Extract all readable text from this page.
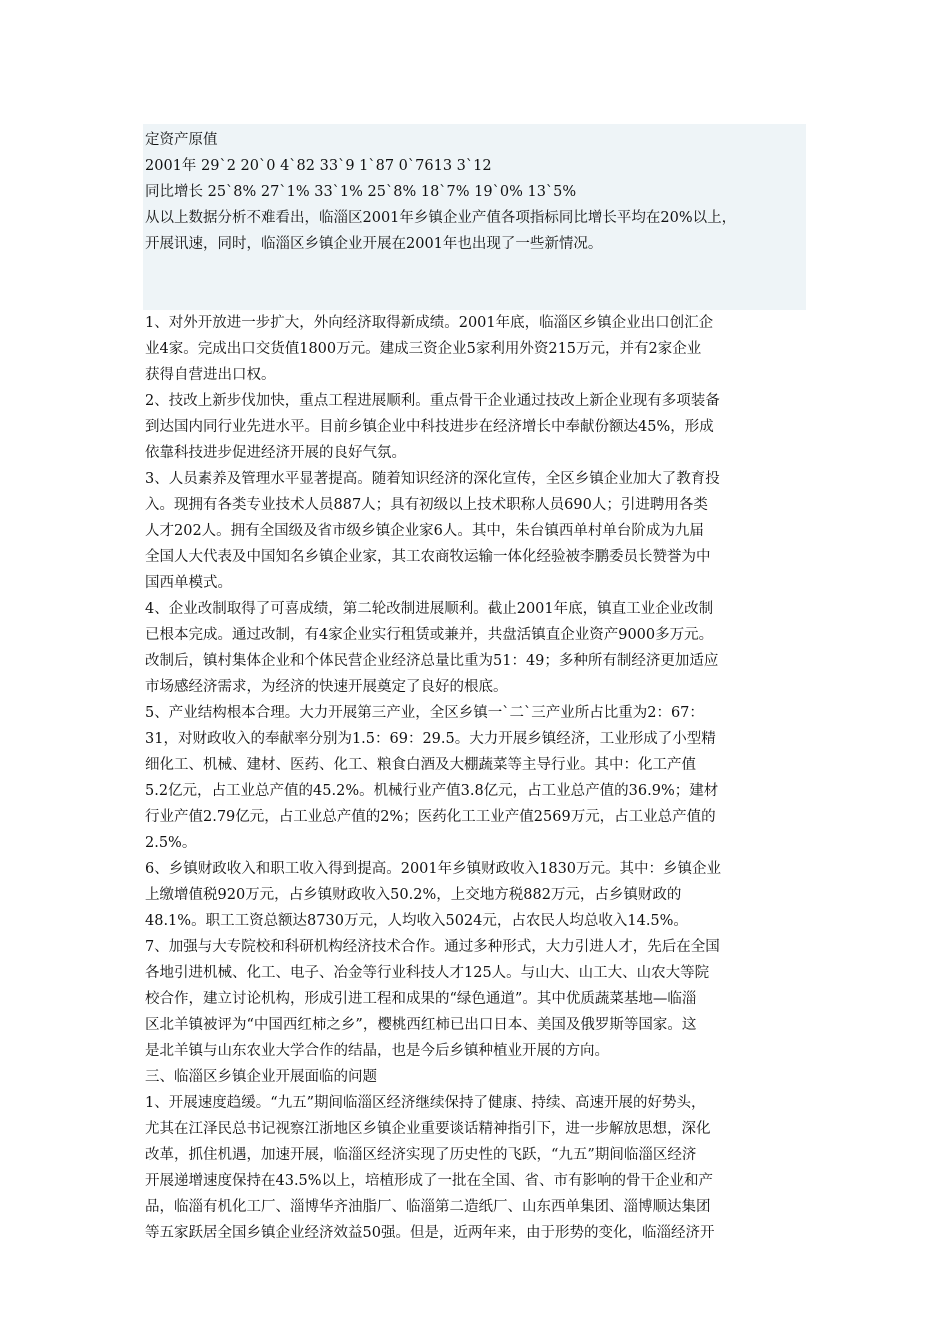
定资产原值
2001年 29`2 20`0 4`82 33`9 1`87 0`7613 3`12
同比增长 25`8% 27`1% 33`1% 25`8% 18`7% 19`0% 13`5%
从以上数据分析不难看出，临淄区2001年乡镇企业产值各项指标同比增长平均在20%以上，
开展讯速，同时，临淄区乡镇企业开展在2001年也出现了一些新情况。
1、对外开放进一步扩大，外向经济取得新成绩。2001年底，临淄区乡镇企业出口创汇企
业4家。完成出口交货值1800万元。建成三资企业5家利用外资215万元，并有2家企业
获得自营进出口权。
2、技改上新步伐加快，重点工程进展顺利。重点骨干企业通过技改上新企业现有多项装备
到达国内同行业先进水平。目前乡镇企业中科技进步在经济增长中奉献份额达45%，形成
依靠科技进步促进经济开展的良好气氛。
3、人员素养及管理水平显著提高。随着知识经济的深化宣传，全区乡镇企业加大了教育投
入。现拥有各类专业技术人员887人；具有初级以上技术职称人员690人；引进聘用各类
人才202人。拥有全国级及省市级乡镇企业家6人。其中，朱台镇西单村单台阶成为九届
全国人大代表及中国知名乡镇企业家，其工农商牧运输一体化经验被李鹏委员长赞誉为中
国西单模式。
4、企业改制取得了可喜成绩，第二轮改制进展顺利。截止2001年底，镇直工业企业改制
已根本完成。通过改制，有4家企业实行租赁或兼并，共盘活镇直企业资产9000多万元。
改制后，镇村集体企业和个体民营企业经济总量比重为51：49；多种所有制经济更加适应
市场感经济需求，为经济的快速开展奠定了良好的根底。
5、产业结构根本合理。大力开展第三产业，全区乡镇一`二`三产业所占比重为2：67：
31，对财政收入的奉献率分别为1.5：69：29.5。大力开展乡镇经济，工业形成了小型精
细化工、机械、建材、医药、化工、粮食白酒及大棚蔬菜等主导行业。其中：化工产值
5.2亿元，占工业总产值的45.2%。机械行业产值3.8亿元，占工业总产值的36.9%；建材
行业产值2.79亿元，占工业总产值的2%；医药化工工业产值2569万元，占工业总产值的
2.5%。
6、乡镇财政收入和职工收入得到提高。2001年乡镇财政收入1830万元。其中：乡镇企业
上缴增值税920万元，占乡镇财政收入50.2%，上交地方税882万元，占乡镇财政的
48.1%。职工工资总额达8730万元，人均收入5024元，占农民人均总收入14.5%。
7、加强与大专院校和科研机构经济技术合作。通过多种形式，大力引进人才，先后在全国
各地引进机械、化工、电子、冶金等行业科技人才125人。与山大、山工大、山农大等院
校合作，建立讨论机构，形成引进工程和成果的“绿色通道”。其中优质蔬菜基地—临淄
区北羊镇被评为“中国西红柿之乡”，樱桃西红柿已出口日本、美国及俄罗斯等国家。这
是北羊镇与山东农业大学合作的结晶，也是今后乡镇种植业开展的方向。
三、临淄区乡镇企业开展面临的问题
1、开展速度趋缓。“九五”期间临淄区经济继续保持了健康、持续、高速开展的好势头，
尤其在江泽民总书记视察江浙地区乡镇企业重要谈话精神指引下，进一步解放思想，深化
改革，抓住机遇，加速开展，临淄区经济实现了历史性的飞跃，“九五”期间临淄区经济
开展递增速度保持在43.5%以上，培植形成了一批在全国、省、市有影响的骨干企业和产
品，临淄有机化工厂、淄博华齐油脂厂、临淄第二造纸厂、山东西单集团、淄博顺达集团
等五家跃居全国乡镇企业经济效益50强。但是，近两年来，由于形势的变化，临淄经济开
